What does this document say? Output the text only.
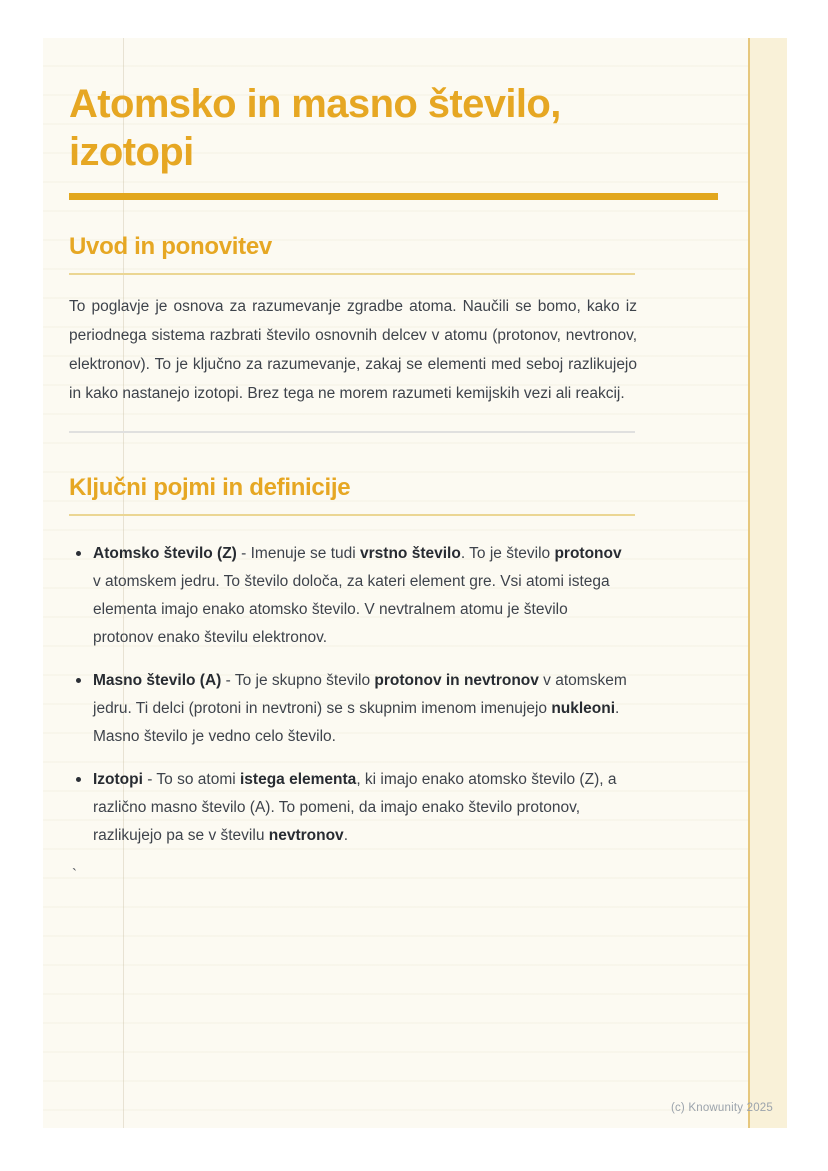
Atomsko in masno število,
izotopi
Uvod in ponovitev

To poglavje je osnova za razumevanje zgradbe atoma. Naučili se bomo, kako iz periodnega sistema razbrati število osnovnih delcev v atomu (protonov, nevtronov, elektronov). To je ključno za razumevanje, zakaj se elementi med seboj razlikujejo in kako nastanejo izotopi. Brez tega ne morem razumeti kemijskih vezi ali reakcij.

Ključni pojmi in definicije
Atomsko število (Z) - Imenuje se tudi vrstno število. To je število protonov v atomskem jedru. To število določa, za kateri element gre. Vsi atomi istega elementa imajo enako atomsko število. V nevtralnem atomu je število protonov enako številu elektronov.
Masno število (A) - To je skupno število protonov in nevtronov v atomskem jedru. Ti delci (protoni in nevtroni) se s skupnim imenom imenujejo nukleoni. Masno število je vedno celo število.
Izotopi - To so atomi istega elementa, ki imajo enako atomsko število (Z), a različno masno število (A). To pomeni, da imajo enako število protonov, razlikujejo pa se v številu nevtronov.
`
(c) Knowunity 2025
